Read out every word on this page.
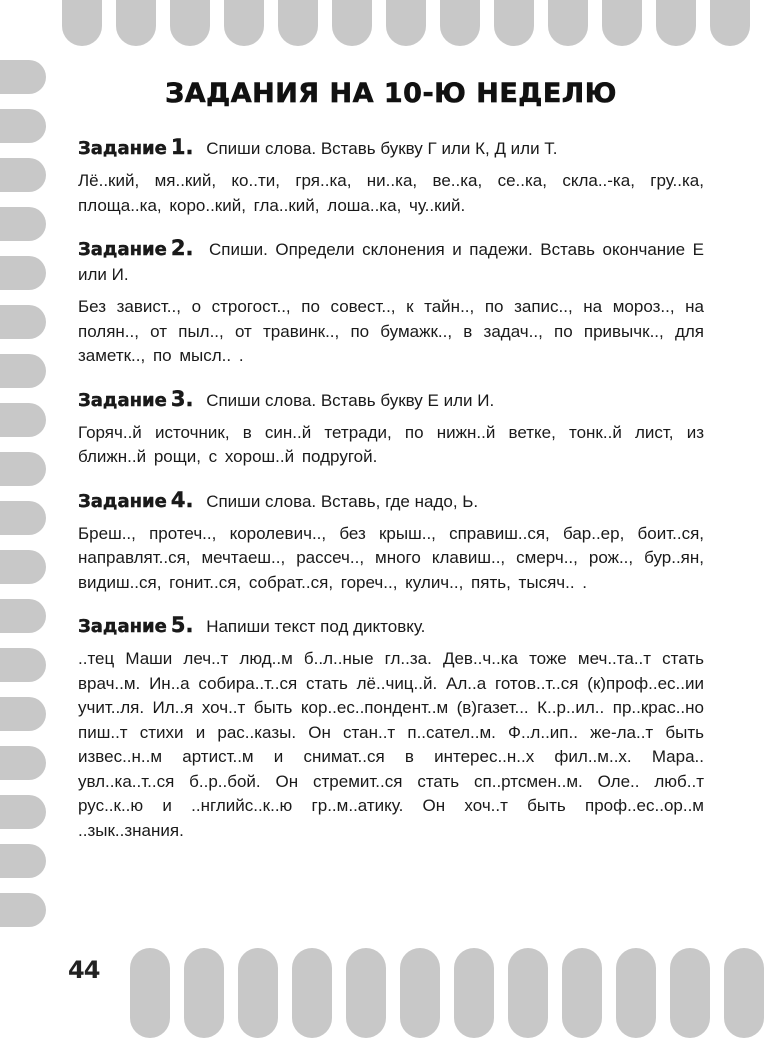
44
ЗАДАНИЯ НА 10-Ю НЕДЕЛЮ
Задание 1. Спиши слова. Вставь букву Г или К, Д или Т.
Лё..кий, мя..кий, ко..ти, гря..ка, ни..ка, ве..ка, се..ка, скла..-ка, гру..ка, площа..ка, коро..кий, гла..кий, лоша..ка, чу..кий.
Задание 2. Спиши. Определи склонения и падежи. Вставь окончание Е или И.
Без завист.., о строгост.., по совест.., к тайн.., по запис.., на мороз.., на полян.., от пыл.., от травинк.., по бумажк.., в задач.., по привычк.., для заметк.., по мысл.. .
Задание 3. Спиши слова. Вставь букву Е или И.
Горяч..й источник, в син..й тетради, по нижн..й ветке, тонк..й лист, из ближн..й рощи, с хорош..й подругой.
Задание 4. Спиши слова. Вставь, где надо, Ь.
Бреш.., протеч.., королевич.., без крыш.., справиш..ся, бар..ер, боит..ся, направлят..ся, мечтаеш.., рассеч.., много клавиш.., смерч.., рож.., бур..ян, видиш..ся, гонит..ся, собрат..ся, гореч.., кулич.., пять, тысяч.. .
Задание 5. Напиши текст под диктовку.
..тец Маши леч..т люд..м б..л..ные гл..за. Дев..ч..ка тоже меч..та..т стать врач..м. Ин..а собира..т..ся стать лё..чиц..й. Ал..а готов..т..ся (к)проф..ес..ии учит..ля. Ил..я хоч..т быть кор..ес..пондент..м (в)газет... К..р..ил.. пр..крас..но пиш..т стихи и рас..казы. Он стан..т п..сател..м. Ф..л..ип.. же-ла..т быть извес..н..м артист..м и снимат..ся в интерес..н..х фил..м..х. Мара.. увл..ка..т..ся б..р..бой. Он стремит..ся стать сп..ртсмен..м. Оле.. люб..т рус..к..ю и ..нглийс..к..ю гр..м..атику. Он хоч..т быть проф..ес..ор..м ..зык..знания.
